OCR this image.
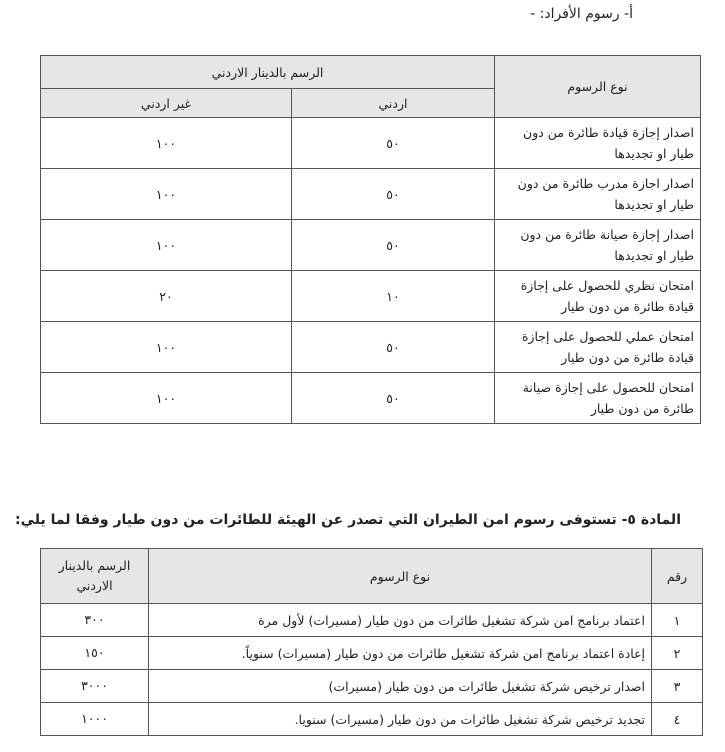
أ- رسوم الأفراد: -
نوع الرسوم	الرسم بالدينار الاردني	
	اردني	غير اردني
اصدار إجازة قيادة طائرة من دون طيار او تجديدها	٥٠	١٠٠
اصدار اجازة مدرب طائرة من دون طيار او تجديدها	٥٠	١٠٠
اصدار إجازة صيانة طائرة من دون طيار او تجديدها	٥٠	١٠٠
امتحان نظري للحصول على إجازة قيادة طائرة من دون طيار	١٠	٢٠
امتحان عملي للحصول على إجازة قيادة طائرة من دون طيار	٥٠	١٠٠
امتحان للحصول على إجازة صيانة طائرة من دون طيار	٥٠	١٠٠
المادة ٥- تستوفى رسوم امن الطيران التي تصدر عن الهيئة للطائرات من دون طيار وفقا لما يلي:
رقم	نوع الرسوم	الرسم بالدينار الاردني
١	اعتماد برنامج امن شركة تشغيل طائرات من دون طيار (مسيرات) لأول مرة	٣٠٠
٢	إعادة اعتماد برنامج امن شركة تشغيل طائرات من دون طيار (مسيرات) سنوياً.	١٥٠
٣	اصدار ترخيص شركة تشغيل طائرات من دون طيار (مسيرات)	٣٠٠٠
٤	تجديد ترخيص شركة تشغيل طائرات من دون طيار (مسيرات) سنويا.	١٠٠٠
